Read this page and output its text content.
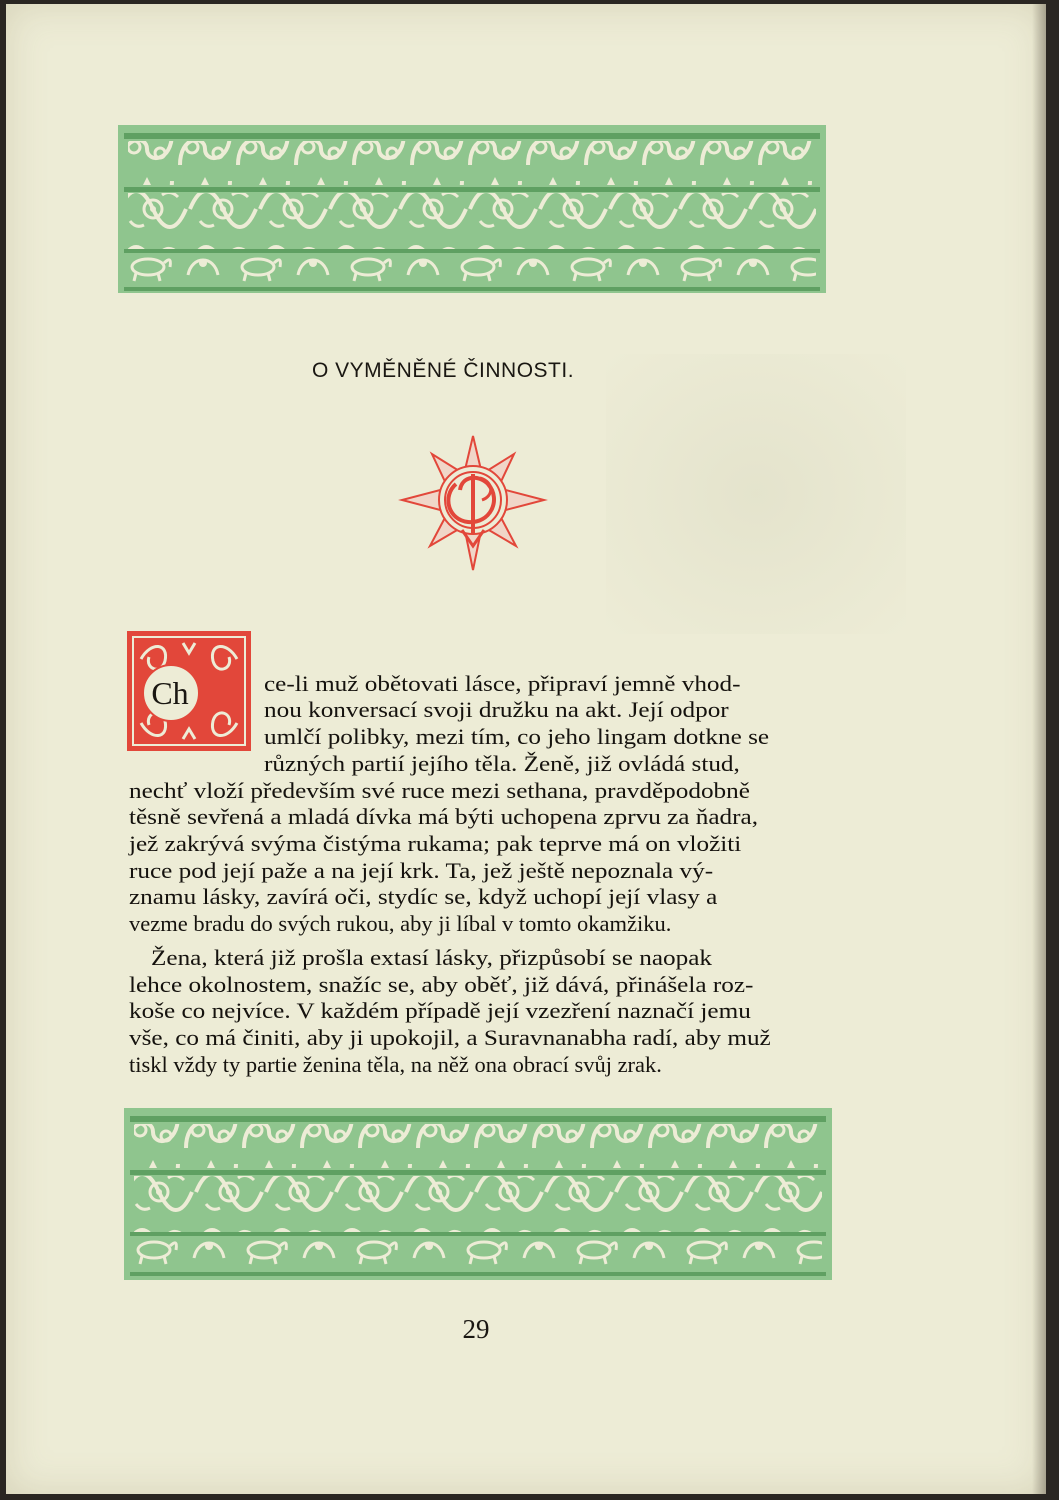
O VYMĚNĚNÉ ČINNOSTI.
Ch	ce-li muž obětovati lásce, připraví jemně vhod-
nou konversací svoji družku na akt. Její odpor
umlčí polibky, mezi tím, co jeho lingam dotkne se
různých partií jejího těla. Ženě, již ovládá stud,
nechť vloží především své ruce mezi sethana, pravděpodobně
těsně sevřená a mladá dívka má býti uchopena zprvu za ňadra,
jež zakrývá svýma čistýma rukama; pak teprve má on vložiti
ruce pod její paže a na její krk. Ta, jež ještě nepoznala vý-
znamu lásky, zavírá oči, stydíc se, když uchopí její vlasy a
vezme bradu do svých rukou, aby ji líbal v tomto okamžiku.
Žena, která již prošla extasí lásky, přizpůsobí se naopak
lehce okolnostem, snažíc se, aby oběť, již dává, přinášela roz-
koše co nejvíce. V každém případě její vzezření naznačí jemu
vše, co má činiti, aby ji upokojil, a Suravnanabha radí, aby muž
tiskl vždy ty partie ženina těla, na něž ona obrací svůj zrak.
29
